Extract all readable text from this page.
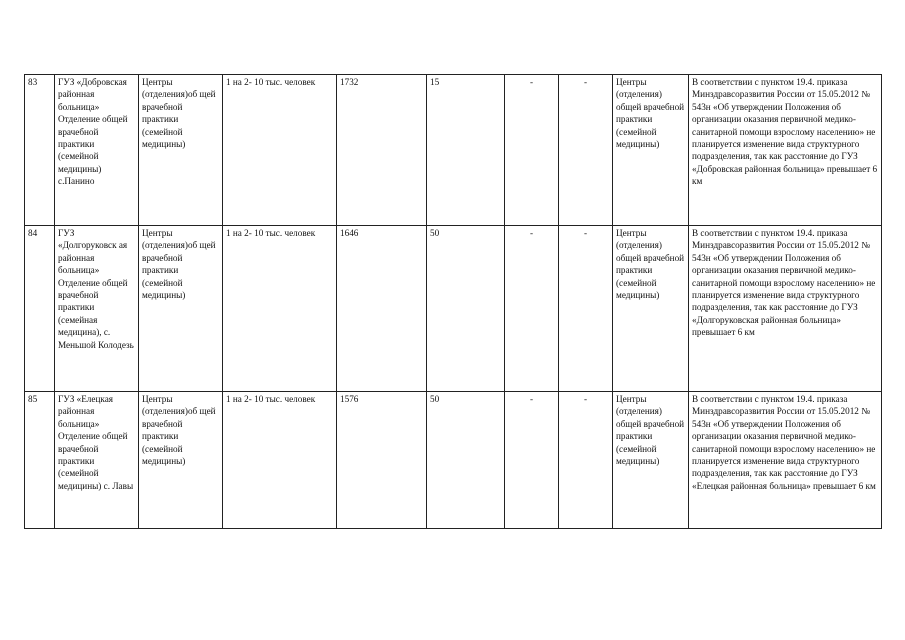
83	ГУЗ «Добровская районная больница» Отделение общей врачебной практики (семейной медицины) с.Панино	Центры (отделения)об щей врачебной практики (семейной медицины)	1 на 2- 10 тыс. человек	1732	15	-	-	Центры (отделения) общей врачебной практики (семейной медицины)	В соответствии с пунктом 19.4. приказа Минздравсоразвития России от 15.05.2012 № 543н «Об утверждении Положения об организации оказания первичной медико-санитарной помощи взрослому населению» не планируется изменение вида структурного подразделения, так как расстояние до ГУЗ «Добровская районная больница» превышает 6 км
84	ГУЗ «Долгоруковск ая районная больница» Отделение общей врачебной практики (семейная медицина), с. Меньшой Колодезь	Центры (отделения)об щей врачебной практики (семейной медицины)	1 на 2- 10 тыс. человек	1646	50	-	-	Центры (отделения) общей врачебной практики (семейной медицины)	В соответствии с пунктом 19.4. приказа Минздравсоразвития России от 15.05.2012 № 543н «Об утверждении Положения об организации оказания первичной медико-санитарной помощи взрослому населению» не планируется изменение вида структурного подразделения, так как расстояние до ГУЗ «Долгоруковская районная больница» превышает 6 км
85	ГУЗ «Елецкая районная больница» Отделение общей врачебной практики (семейной медицины) с. Лавы	Центры (отделения)об щей врачебной практики (семейной медицины)	1 на 2- 10 тыс. человек	1576	50	-	-	Центры (отделения) общей врачебной практики (семейной медицины)	В соответствии с пунктом 19.4. приказа Минздравсоразвития России от 15.05.2012 № 543н «Об утверждении Положения об организации оказания первичной медико-санитарной помощи взрослому населению» не планируется изменение вида структурного подразделения, так как расстояние до ГУЗ «Елецкая районная больница» превышает 6 км
